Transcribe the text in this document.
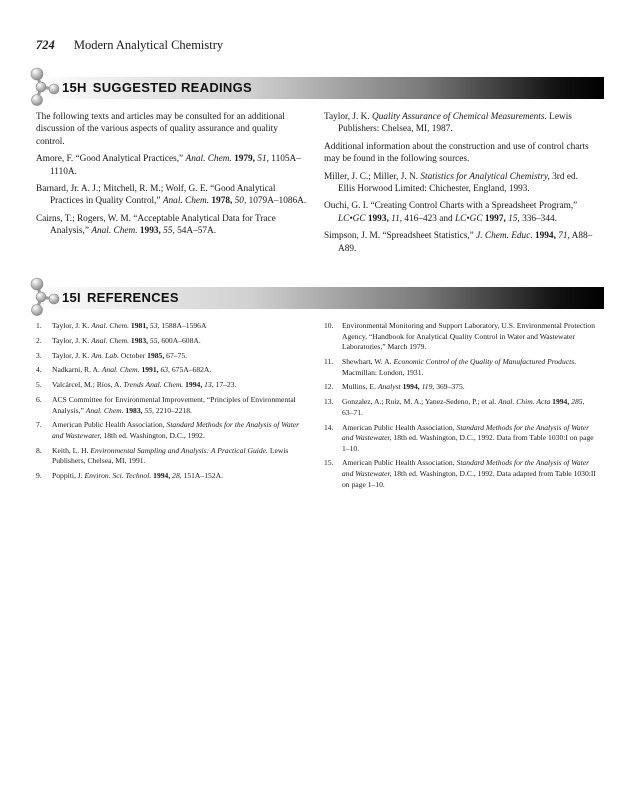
724 Modern Analytical Chemistry
15H SUGGESTED READINGS

The following texts and articles may be consulted for an additional discussion of the various aspects of quality assurance and quality control.

Amore, F. “Good Analytical Practices,” Anal. Chem. 1979, 51, 1105A–1110A.

Barnard, Jr. A. J.; Mitchell, R. M.; Wolf, G. E. “Good Analytical Practices in Quality Control,” Anal. Chem. 1978, 50, 1079A–1086A.

Cairns, T.; Rogers, W. M. “Acceptable Analytical Data for Trace Analysis,” Anal. Chem. 1993, 55, 54A–57A.

Taylor, J. K. Quality Assurance of Chemical Measurements. Lewis Publishers: Chelsea, MI, 1987.

Additional information about the construction and use of control charts may be found in the following sources.

Miller, J. C.; Miller, J. N. Statistics for Analytical Chemistry, 3rd ed. Ellis Horwood Limited: Chichester, England, 1993.

Ouchi, G. I. “Creating Control Charts with a Spreadsheet Program,” LC•GC 1993, 11, 416–423 and LC•GC 1997, 15, 336–344.

Simpson, J. M. “Spreadsheet Statistics,” J. Chem. Educ. 1994, 71, A88–A89.

15I REFERENCES
1. Taylor, J. K. Anal. Chem. 1981, 53, 1588A–1596A
2. Taylor, J. K. Anal. Chem. 1983, 55, 600A–608A.
3. Taylor, J. K. Am. Lab. October 1985, 67–75.
4. Nadkarni, R. A. Anal. Chem. 1991, 63, 675A–682A.
5. Valcárcel, M.; Ríos, A. Trends Anal. Chem. 1994, 13, 17–23.
6. ACS Committee for Environmental Improvement, “Principles of Environmental Analysis,” Anal. Chem. 1983, 55, 2210–2218.
7. American Public Health Association, Standard Methods for the Analysis of Water and Wastewater, 18th ed. Washington, D.C., 1992.
8. Keith, L. H. Environmental Sampling and Analysis: A Practical Guide. Lewis Publishers, Chelsea, MI, 1991.
9. Poppiti, J. Environ. Sci. Technol. 1994, 28, 151A–152A.
10. Environmental Monitoring and Support Laboratory, U.S. Environmental Protection Agency, “Handbook for Analytical Quality Control in Water and Wastewater Laboratories,” March 1979.
11. Shewhart, W. A. Economic Control of the Quality of Manufactured Products. Macmillan: London, 1931.
12. Mullins, E. Analyst 1994, 119, 369–375.
13. Gonzalez, A.; Ruiz, M. A.; Yanez-Sedeno, P.; et al. Anal. Chim. Acta 1994, 285, 63–71.
14. American Public Health Association, Standard Methods for the Analysis of Water and Wastewater, 18th ed. Washington, D.C., 1992. Data from Table 1030:I on page 1–10.
15. American Public Health Association, Standard Methods for the Analysis of Water and Wastewater, 18th ed. Washington, D.C., 1992. Data adapted from Table 1030:II on page 1–10.
